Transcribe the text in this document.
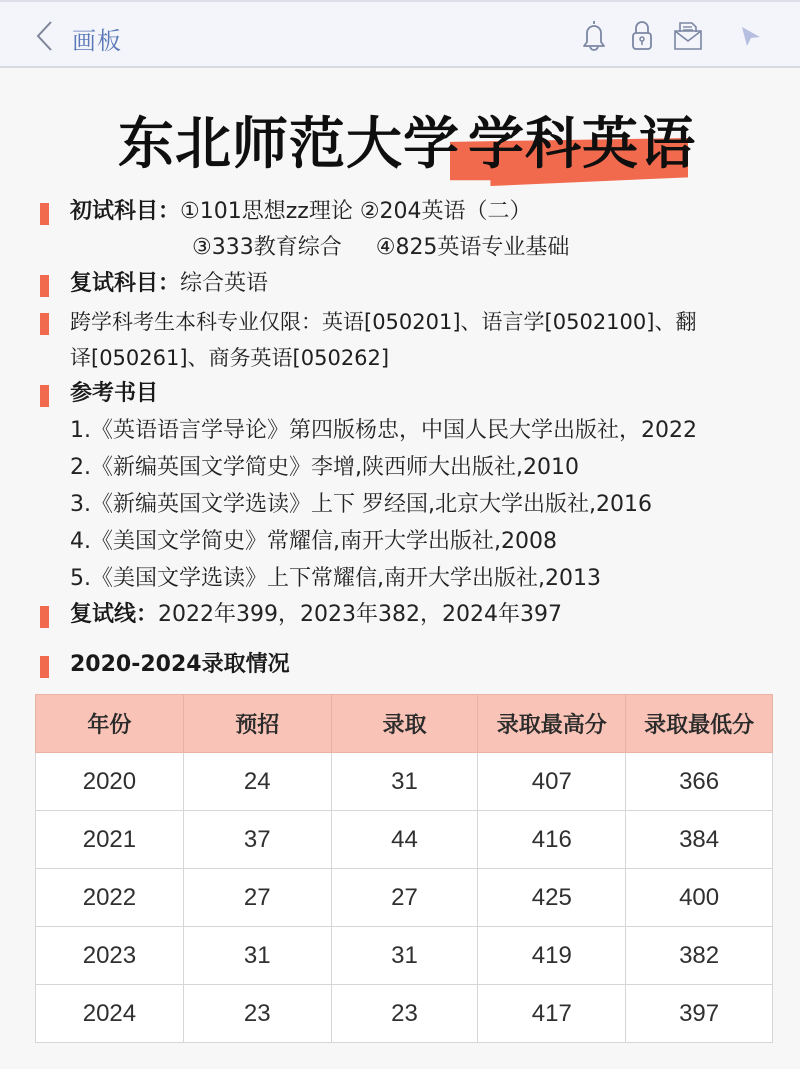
画板
东北师范大学 学科英语
初试科目：①101思想zz理论 ②204英语（二）
③333教育综合 ④825英语专业基础
复试科目：综合英语
跨学科考生本科专业仅限：英语[050201]、语言学[0502100]、翻
译[050261]、商务英语[050262]
参考书目
1.《英语语言学导论》第四版杨忠，中国人民大学出版社，2022
2.《新编英国文学简史》李增,陕西师大出版社,2010
3.《新编英国文学选读》上下 罗经国,北京大学出版社,2016
4.《美国文学简史》常耀信,南开大学出版社,2008
5.《美国文学选读》上下常耀信,南开大学出版社,2013
复试线：2022年399，2023年382，2024年397
2020-2024录取情况
年份	预招	录取	录取最高分	录取最低分
2020	24	31	407	366
2021	37	44	416	384
2022	27	27	425	400
2023	31	31	419	382
2024	23	23	417	397
